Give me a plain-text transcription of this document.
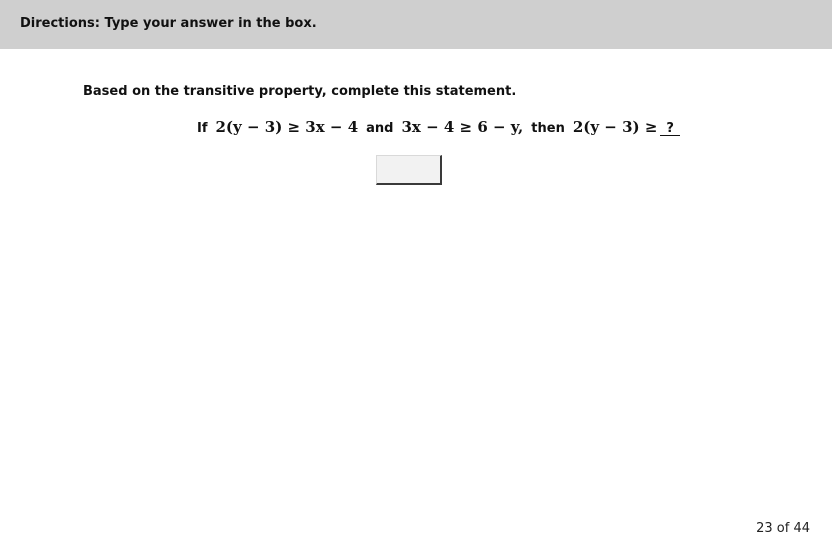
Directions: Type your answer in the box.
Based on the transitive property, complete this statement.
If 2(y − 3) ≥ 3x − 4 and 3x − 4 ≥ 6 − y, then 2(y − 3) ≥ ?
23 of 44
